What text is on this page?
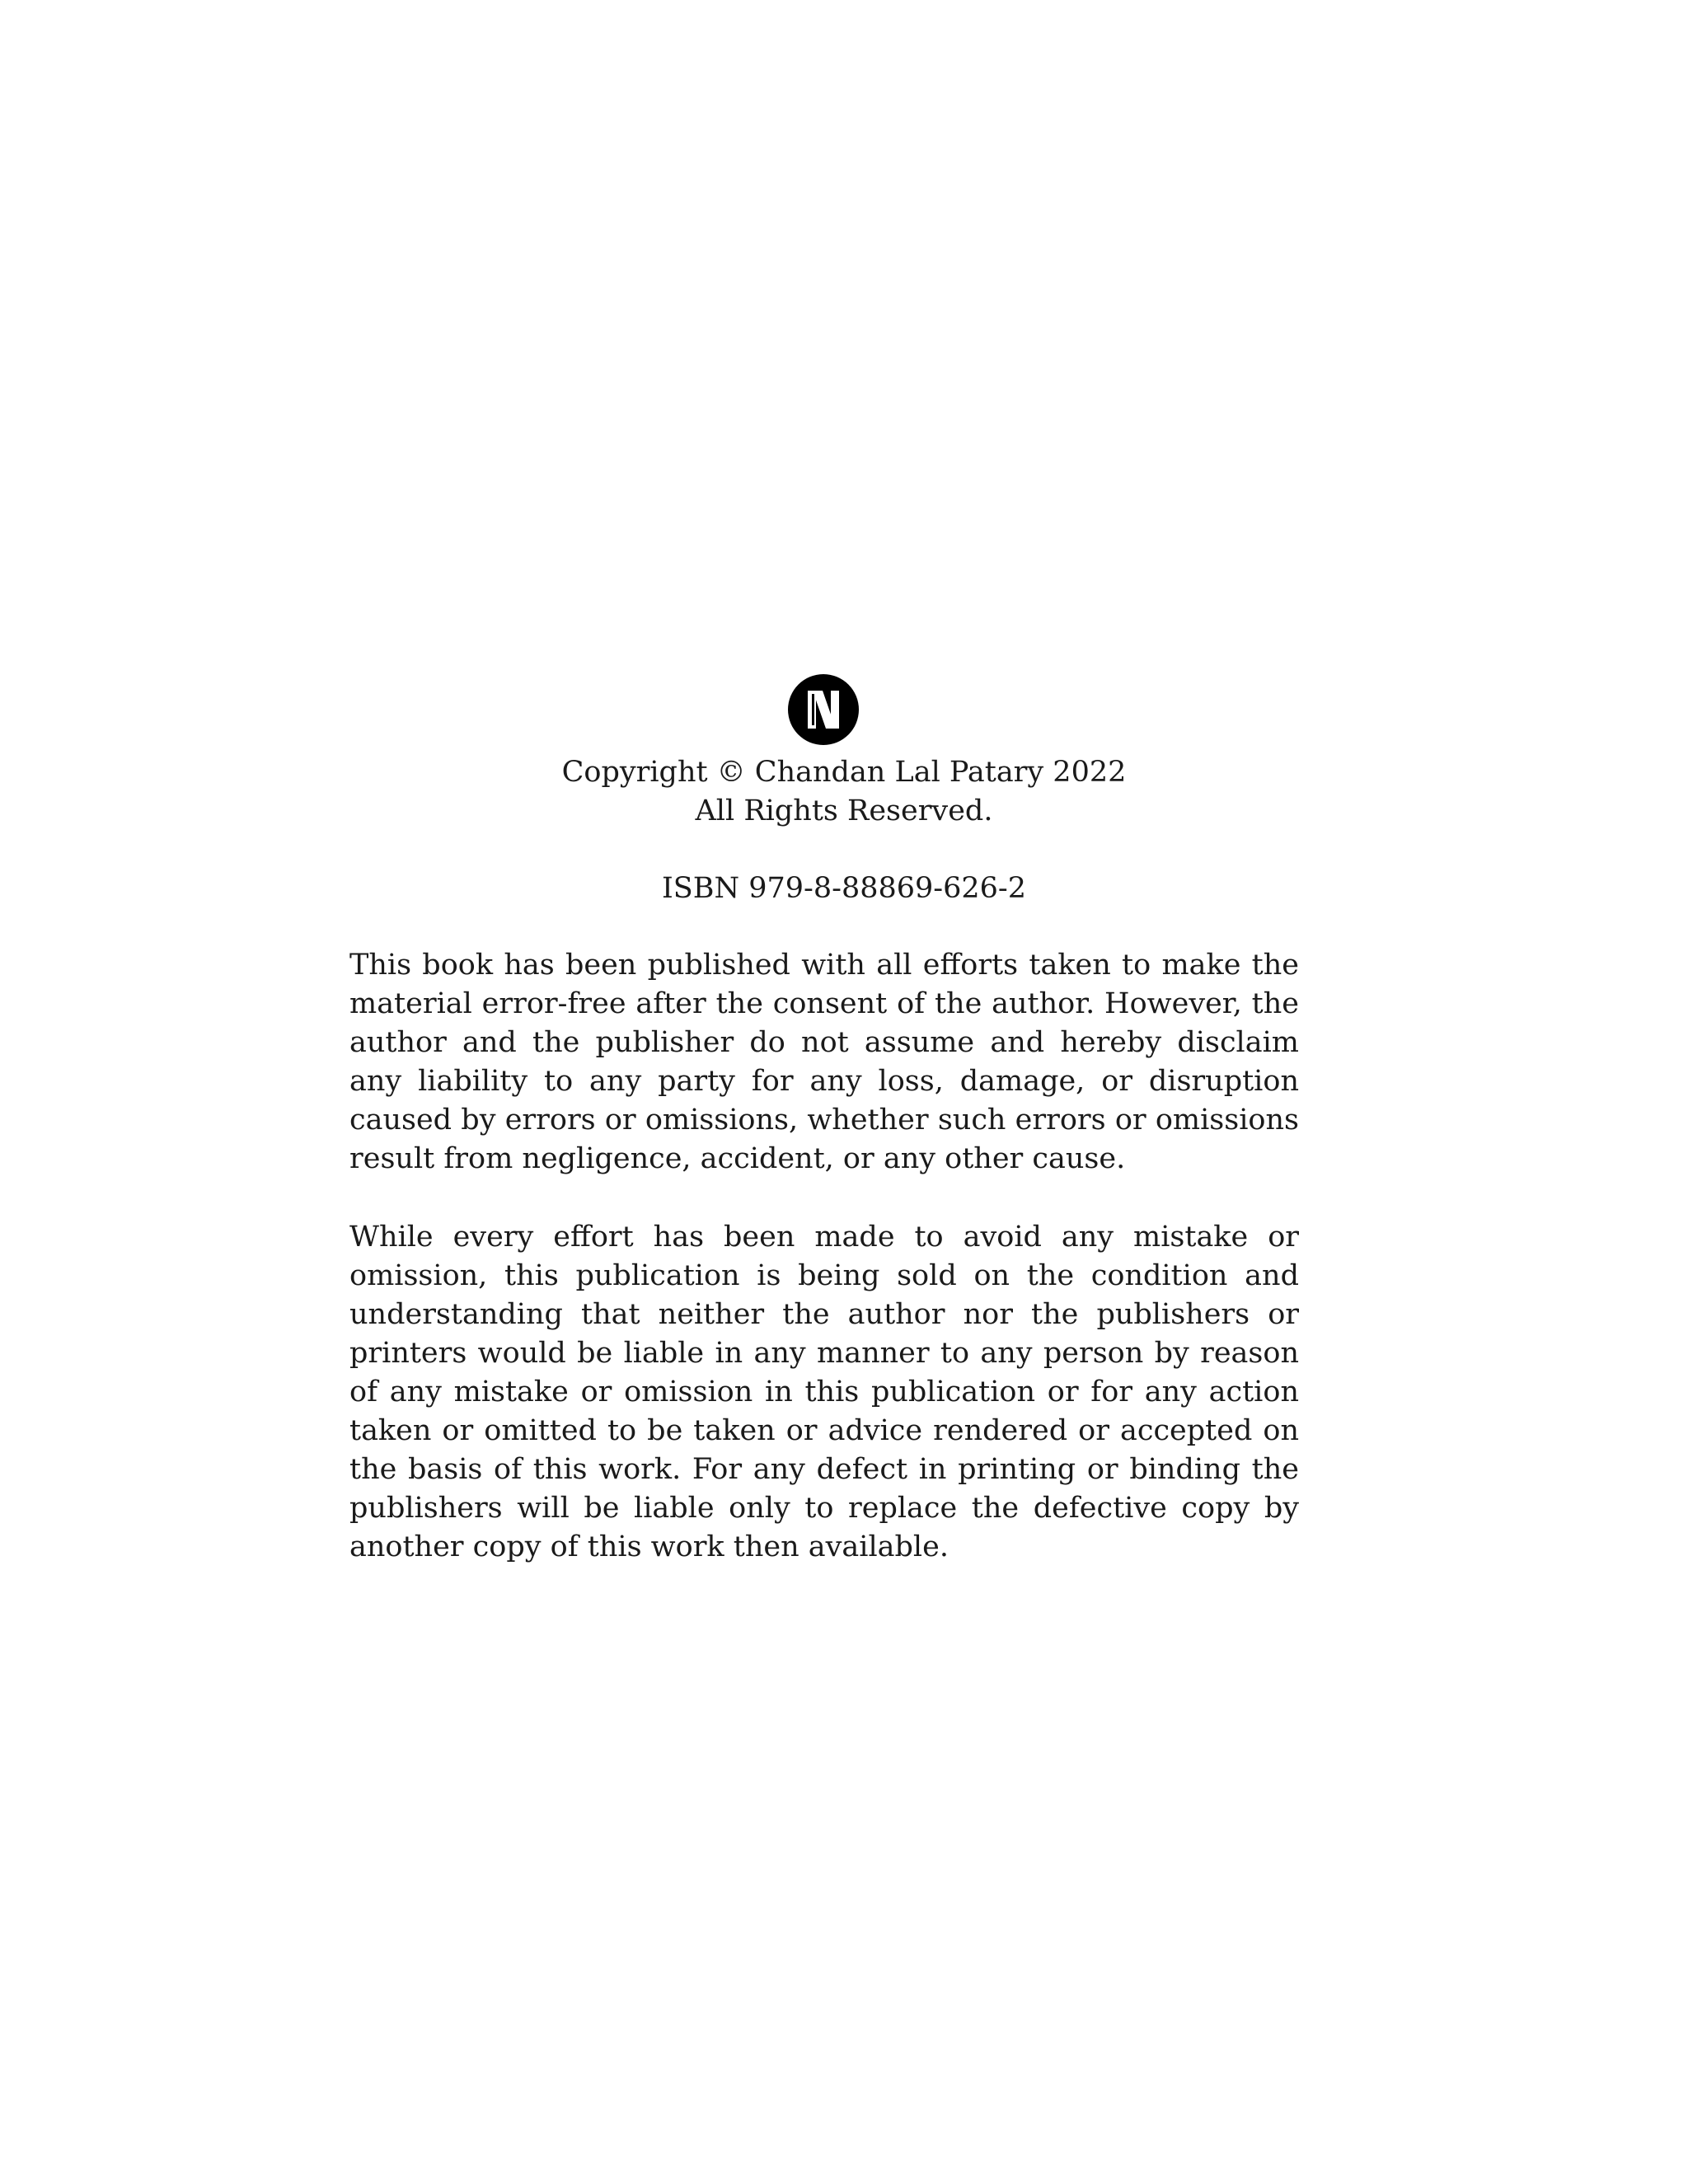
Copyright © Chandan Lal Patary 2022
All Rights Reserved.
ISBN 979-8-88869-626-2

This book has been published with all efforts taken to make the material error-free after the consent of the author. However, the author and the publisher do not assume and hereby disclaim any liability to any party for any loss, damage, or disruption caused by errors or omissions, whether such errors or omissions result from negligence, accident, or any other cause.

While every effort has been made to avoid any mistake or omission, this publication is being sold on the condition and understanding that neither the author nor the publishers or printers would be liable in any manner to any person by reason of any mistake or omission in this publication or for any action taken or omitted to be taken or advice rendered or accepted on the basis of this work. For any defect in printing or binding the publishers will be liable only to replace the defective copy by another copy of this work then available.
